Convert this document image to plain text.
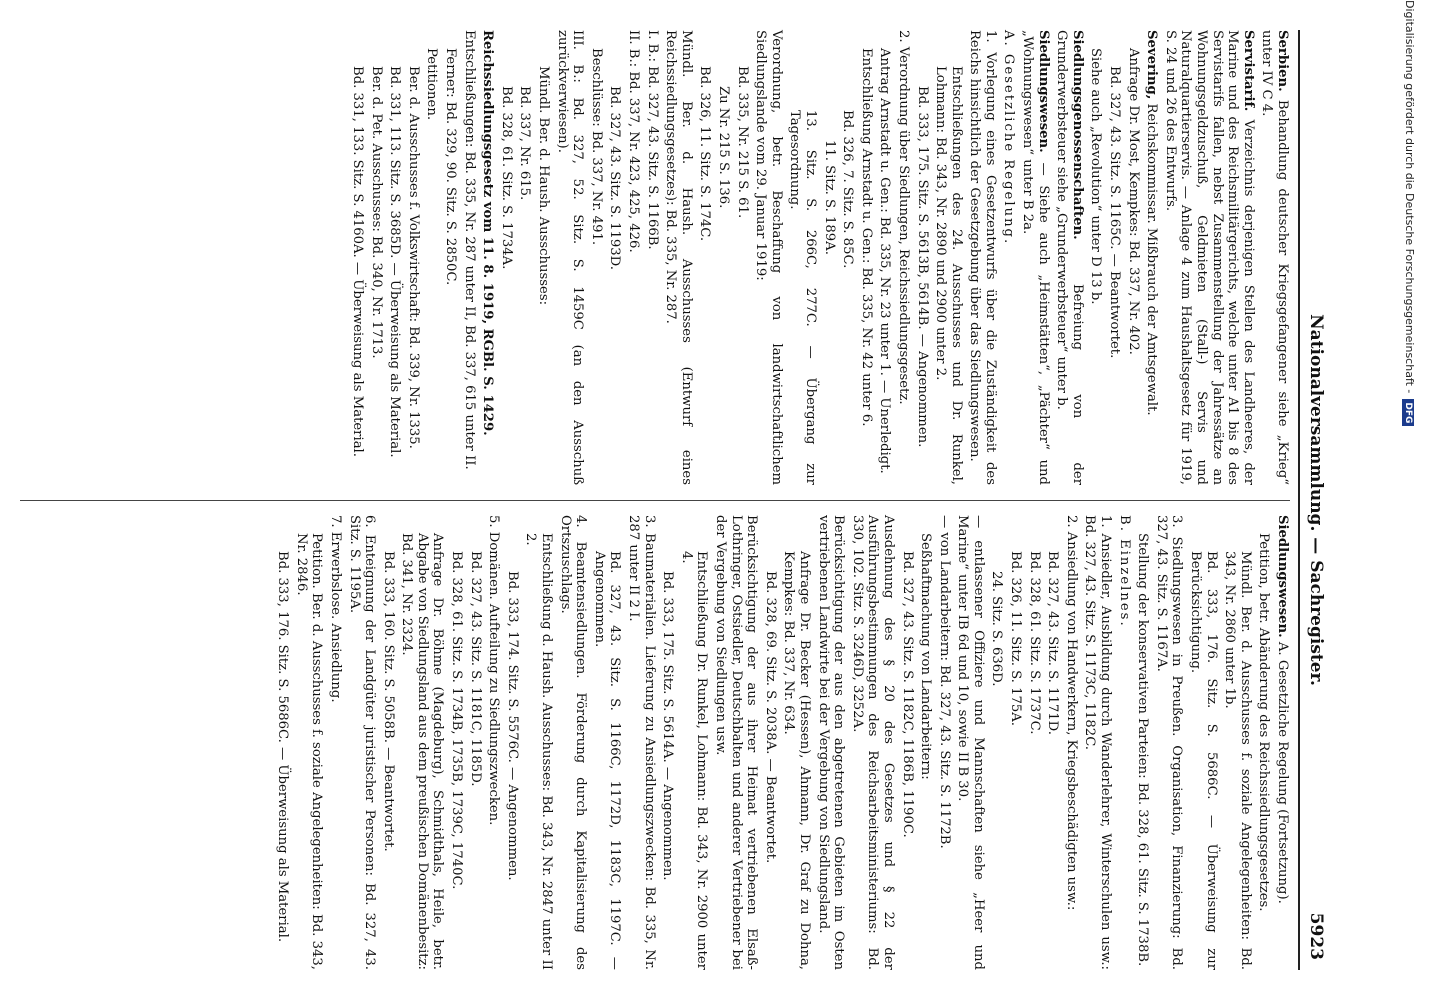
Nationalversammlung. — Sachregister.
5923

Serbien. Behandlung deutscher Kriegsgefangener siehe „Krieg“ unter IV C 4.

Servistarif. Verzeichnis derjenigen Stellen des Landheeres, der Marine und des Reichsmilitärgerichts, welche unter A1 bis 8 des Servistarifs fallen, nebst Zusammenstellung der Jahressätze an Wohnungsgeldzuschuß, Geldmieten (Stall-) Servis und Naturalquartierservis. — Anlage 4 zum Haushaltsgesetz für 1919, S. 24 und 26 des Entwurfs.

Severing, Reichskommissar. Mißbrauch der Amtsgewalt.

Anfrage Dr. Most, Kempkes: Bd. 337, Nr. 402.

Bd. 327, 43. Sitz. S. 1165C. — Beantwortet.

Siehe auch „Revolution“ unter D 13 b.

Siedlungsgenossenschaften. Befreiung von der Grunderwerbsteuer siehe „Grunderwerbsteuer“ unter b.

Siedlungswesen. — Siehe auch „Heimstätten“, „Pächter“ und „Wohnungswesen“ unter B 2a.

A. Gesetzliche Regelung.

1. Vorlegung eines Gesetzentwurfs über die Zuständigkeit des Reichs hinsichtlich der Gesetzgebung über das Siedlungswesen.

Entschließungen des 24. Ausschusses und Dr. Runkel, Lohmann: Bd. 343, Nr. 2890 und 2900 unter 2.

Bd. 333, 175. Sitz. S. 5613B, 5614B. — Angenommen.

2. Verordnung über Siedlungen, Reichssiedlungsgesetz.

Antrag Arnstadt u. Gen.: Bd. 335, Nr. 23 unter 1. — Unerledigt.

Entschließung Arnstadt u. Gen.: Bd. 335, Nr. 42 unter 6.

Bd. 326, 7. Sitz. S. 85C.

11. Sitz. S. 189A.

13. Sitz. S. 266C, 277C. — Übergang zur Tagesordnung.

Verordnung, betr. Beschaffung von landwirtschaftlichem Siedlungslande vom 29. Januar 1919:

Bd. 335, Nr. 215 S. 61.

Zu Nr. 215 S. 136.

Bd. 326, 11. Sitz. S. 174C.

Mündl. Ber. d. Haush. Ausschusses (Entwurf eines Reichssiedlungsgesetzes): Bd. 335, Nr. 287.

I. B.: Bd. 327, 43. Sitz. S. 1166B.

II. B.: Bd. 337, Nr. 423, 425, 426.

Bd. 327, 43. Sitz. S. 1193D.

Beschlüsse: Bd. 337, Nr. 491.

III. B.: Bd. 327, 52. Sitz. S. 1459C (an den Ausschuß zurückverwiesen).

Mündl. Ber. d. Haush. Ausschusses:

Bd. 337, Nr. 615.

Bd. 328, 61. Sitz. S. 1734A.

Reichssiedlungsgesetz vom 11. 8. 1919, RGBl. S. 1429.

Entschließungen: Bd. 335, Nr. 287 unter II, Bd. 337, 615 unter II.

Ferner: Bd. 329, 90. Sitz. S. 2850C.

Petitionen.

Ber. d. Ausschusses f. Volkswirtschaft: Bd. 339, Nr. 1335.

Bd. 331, 113. Sitz. S. 3685D. — Überweisung als Material.

Ber. d. Pet. Ausschusses: Bd. 340, Nr. 1713.

Bd. 331, 133. Sitz. S. 4160A. — Überweisung als Material.

Siedlungswesen. A. Gesetzliche Regelung (Fortsetzung).

Petition, betr. Abänderung des Reichssiedlungsgesetzes.

Mündl. Ber. d. Ausschusses f. soziale Angelegenheiten: Bd. 343, Nr. 2860 unter 1b.

Bd. 333, 176. Sitz. S. 5686C. — Überweisung zur Berücksichtigung.

3. Siedlungswesen in Preußen. Organisation, Finanzierung: Bd. 327, 43. Sitz. S. 1167A.

Stellung der konservativen Parteien: Bd. 328, 61. Sitz. S. 1738B.

B. Einzelnes.

1. Ansiedler, Ausbildung durch Wanderlehrer, Winterschulen usw.: Bd. 327, 43. Sitz. S. 1173C, 1182C.

2. Ansiedlung von Handwerkern, Kriegsbeschädigten usw.:

Bd. 327, 43. Sitz. S. 1171D.

Bd. 328, 61. Sitz. S. 1737C.

Bd. 326, 11. Sitz. S. 175A.

24. Sitz. S. 636D.

— entlassener Offiziere und Mannschaften siehe „Heer und Marine“ unter IB 6d und 10, sowie II B 30.

— von Landarbeitern: Bd. 327, 43. Sitz. S. 1172B.

Seßhaftmachung von Landarbeitern:

Bd. 327, 43. Sitz. S. 1182C, 1186B, 1190C.

Ausdehnung des § 20 des Gesetzes und § 22 der Ausführungsbestimmungen des Reichsarbeitsministeriums: Bd. 330, 102. Sitz. S. 3246D, 3252A.

Berücksichtigung der aus den abgetretenen Gebieten im Osten vertriebenen Landwirte bei der Vergebung von Siedlungsland.

Anfrage Dr. Becker (Hessen), Ahmann, Dr. Graf zu Dohna, Kempkes: Bd. 337, Nr. 634.

Bd. 328, 69. Sitz. S. 2038A. — Beantwortet.

Berücksichtigung der aus ihrer Heimat vertriebenen Elsaß-Lothringer, Ostsiedler, Deutschbalten und anderer Vertriebener bei der Vergebung von Siedlungen usw.

Entschließung Dr. Runkel, Lohmann: Bd. 343, Nr. 2900 unter 4.

Bd. 333, 175. Sitz. S. 5614A. — Angenommen.

3. Baumaterialien. Lieferung zu Ansiedlungszwecken: Bd. 335, Nr. 287 unter II 2 I.

Bd. 327, 43. Sitz. S. 1166C, 1172D, 1183C, 1197C. — Angenommen.

4. Beamtensiedlungen. Förderung durch Kapitalisierung des Ortszuschlags.

Entschließung d. Haush. Ausschusses: Bd. 343, Nr. 2847 unter II 2.

Bd. 333, 174. Sitz. S. 5576C. — Angenommen.

5. Domänen. Aufteilung zu Siedlungszwecken.

Bd. 327, 43. Sitz. S. 1181C, 1185D.

Bd. 328, 61. Sitz. S. 1734B, 1735B, 1739C, 1740C.

Anfrage Dr. Böhme (Magdeburg), Schmidthals, Heile, betr. Abgabe von Siedlungsland aus dem preußischen Domänenbesitz: Bd. 341, Nr. 2324.

Bd. 333, 160. Sitz. S. 5058B. — Beantwortet.

6. Enteignung der Landgüter juristischer Personen: Bd. 327, 43. Sitz. S. 1195A.

7. Erwerbslose. Ansiedlung.

Petition. Ber. d. Ausschusses f. soziale Angelegenheiten: Bd. 343, Nr. 2846.

Bd. 333, 176. Sitz. S. 5686C. — Überweisung als Material.

Digitalisierung gefördert durch die Deutsche Forschungsgemeinschaft -DFG
